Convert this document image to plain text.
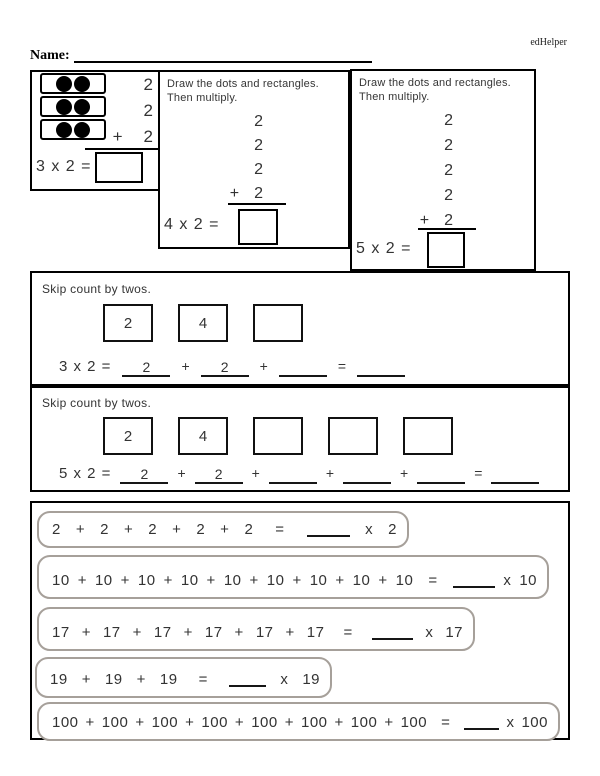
edHelper
Name:
2
2
+ 2
3 x 2 =
Draw the dots and rectangles.
Then multiply.
2
2
2
+ 2
4 x 2 =
Draw the dots and rectangles.
Then multiply.
2
2
2
2
+ 2
5 x 2 =
Skip count by twos.
2	4
3 x 2 =	2	+	2	+	=
Skip count by twos.
2	4
5 x 2 =	2	+	2	+	+	+	=
2 + 2 + 2 + 2 + 2 =	x 2
10 + 10 + 10 + 10 + 10 + 10 + 10 + 10 + 10 =	x 10
17 + 17 + 17 + 17 + 17 + 17 =	x 17
19 + 19 + 19 =	x 19
100 + 100 + 100 + 100 + 100 + 100 + 100 + 100 =	x 100
